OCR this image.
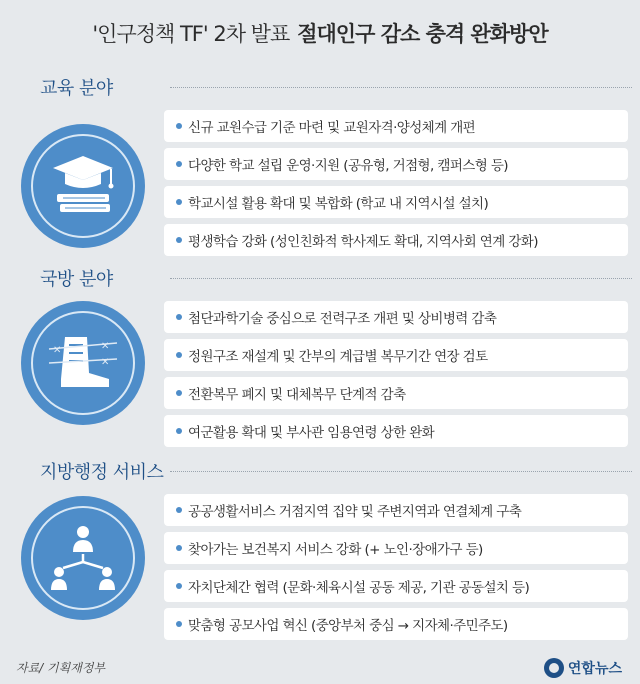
'인구정책 TF' 2차 발표 절대인구 감소 충격 완화방안
교육 분야
신규 교원수급 기준 마련 및 교원자격·양성체계 개편
다양한 학교 설립 운영·지원 (공유형, 거점형, 캠퍼스형 등)
학교시설 활용 확대 및 복합화 (학교 내 지역시설 설치)
평생학습 강화 (성인친화적 학사제도 확대, 지역사회 연계 강화)
국방 분야
✕
✕
✕
첨단과학기술 중심으로 전력구조 개편 및 상비병력 감축
정원구조 재설계 및 간부의 계급별 복무기간 연장 검토
전환복무 폐지 및 대체복무 단계적 감축
여군활용 확대 및 부사관 임용연령 상한 완화
지방행정 서비스
공공생활서비스 거점지역 집약 및 주변지역과 연결체계 구축
찾아가는 보건복지 서비스 강화 (+ 노인·장애가구 등)
자치단체간 협력 (문화·체육시설 공동 제공, 기관 공동설치 등)
맞춤형 공모사업 혁신 (중앙부처 중심 → 지자체·주민주도)
자료/ 기획재정부	연합뉴스
